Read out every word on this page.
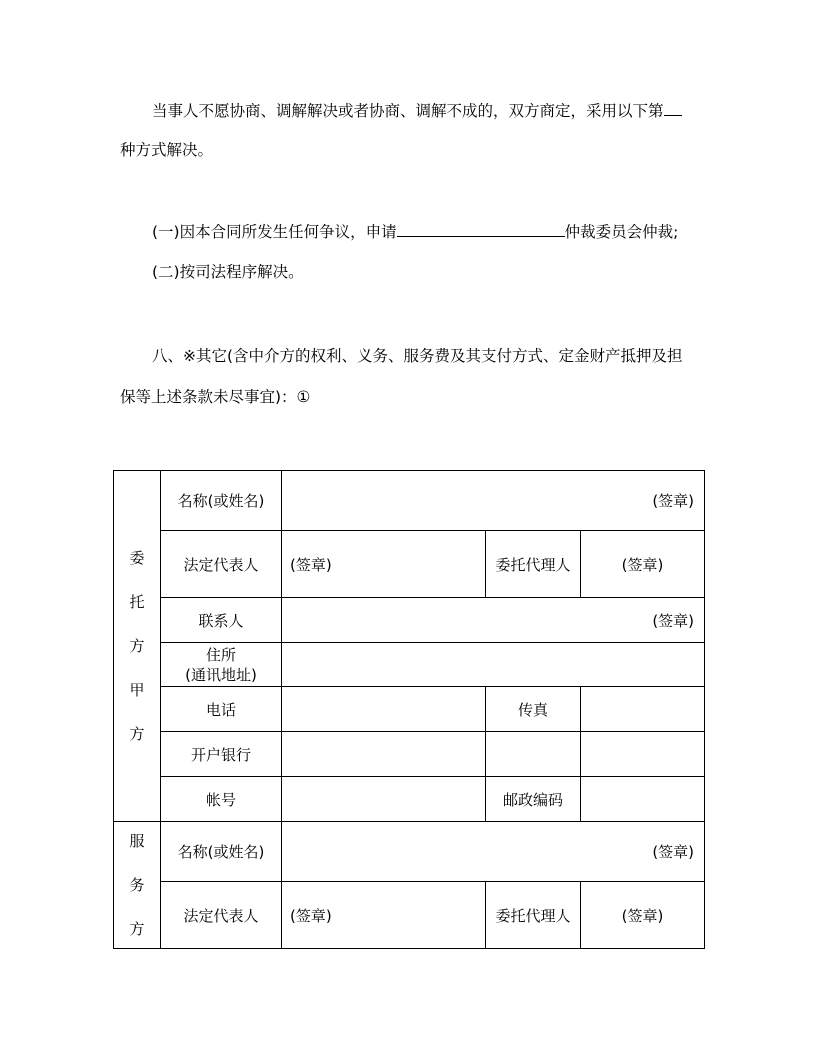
当事人不愿协商、调解解决或者协商、调解不成的，双方商定，采用以下第
种方式解决。
(一)因本合同所发生任何争议，申请	仲裁委员会仲裁;
(二)按司法程序解决。
八、※其它(含中介方的权利、义务、服务费及其支付方式、定金财产抵押及担
保等上述条款未尽事宜)：①
委
托
方
甲
方	名称(或姓名)	(签章)		
	法定代表人	(签章)	委托代理人	(签章)
	联系人	(签章)		
	住所
(通讯地址)			
	电话		传真	
	开户银行			
	帐号		邮政编码	

服
务
方	名称(或姓名)	(签章)		
	法定代表人	(签章)	委托代理人	(签章)
